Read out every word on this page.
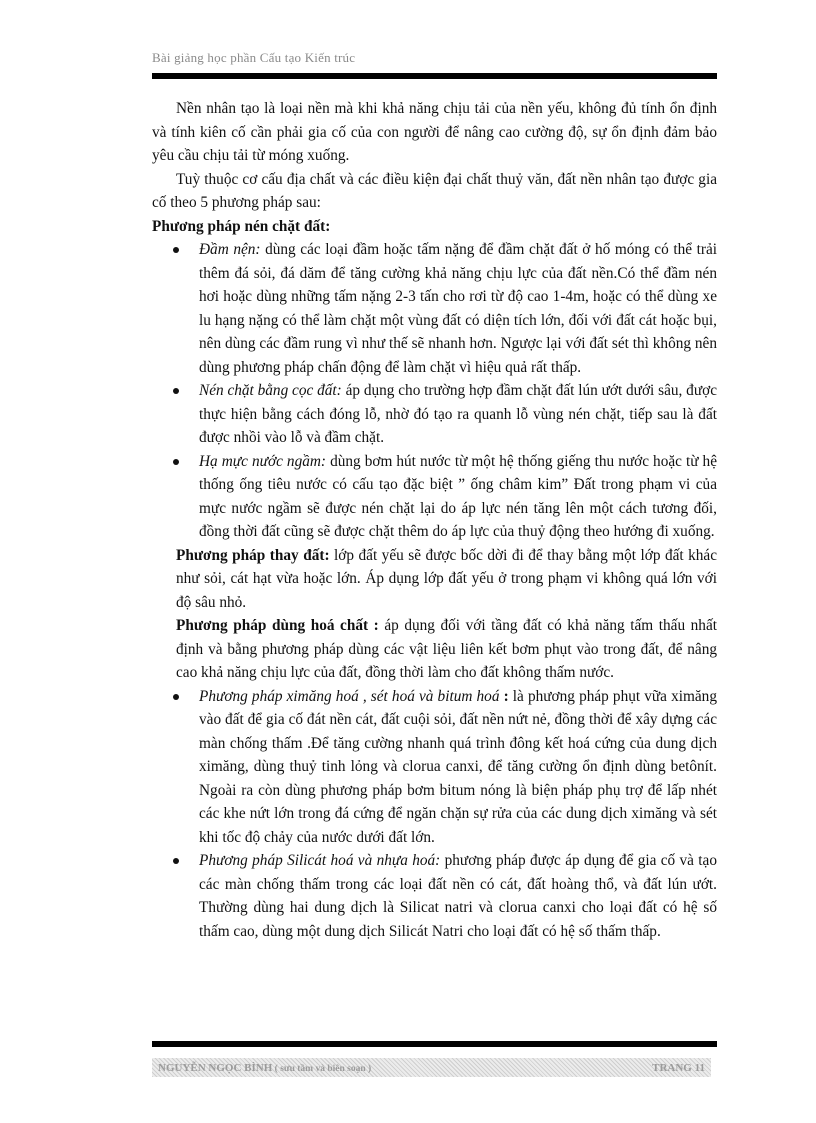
Bài giảng học phần Cấu tạo Kiến trúc

Nền nhân tạo là loại nền mà khi khả năng chịu tải của nền yếu, không đủ tính ổn định và tính kiên cố cần phải gia cố của con người để nâng cao cường độ, sự ổn định đảm bảo yêu cầu chịu tải từ móng xuống.

Tuỳ thuộc cơ cấu địa chất và các điều kiện đại chất thuỷ văn, đất nền nhân tạo được gia cố theo 5 phương pháp sau:

Phương pháp nén chặt đất:

Đầm nện: dùng các loại đầm hoặc tấm nặng để đầm chặt đất ở hố móng có thể trải thêm đá sỏi, đá dăm để tăng cường khả năng chịu lực của đất nền.Có thể đầm nén hơi hoặc dùng những tấm nặng 2-3 tấn cho rơi từ độ cao 1-4m, hoặc có thể dùng xe lu hạng nặng có thể làm chặt một vùng đất có diện tích lớn, đối với đất cát hoặc bụi, nên dùng các đầm rung vì như thế sẽ nhanh hơn. Ngược lại với đất sét thì không nên dùng phương pháp chấn động để làm chặt vì hiệu quả rất thấp.
Nén chặt bằng cọc đất: áp dụng cho trường hợp đầm chặt đất lún ướt dưới sâu, được thực hiện bằng cách đóng lỗ, nhờ đó tạo ra quanh lỗ vùng nén chặt, tiếp sau là đất được nhồi vào lỗ và đầm chặt.
Hạ mực nước ngầm: dùng bơm hút nước từ một hệ thống giếng thu nước hoặc từ hệ thống ống tiêu nước có cấu tạo đặc biệt ” ống châm kim” Đất trong phạm vi của mực nước ngầm sẽ được nén chặt lại do áp lực nén tăng lên một cách tương đối, đồng thời đất cũng sẽ được chặt thêm do áp lực của thuỷ động theo hướng đi xuống.

Phương pháp thay đất: lớp đất yếu sẽ được bốc dời đi để thay bằng một lớp đất khác như sỏi, cát hạt vừa hoặc lớn. Áp dụng lớp đất yếu ở trong phạm vi không quá lớn với độ sâu nhỏ.

Phương pháp dùng hoá chất : áp dụng đối với tầng đất có khả năng tấm thấu nhất định và bằng phương pháp dùng các vật liệu liên kết bơm phụt vào trong đất, để nâng cao khả năng chịu lực của đất, đồng thời làm cho đất không thấm nước.

Phương pháp ximăng hoá , sét hoá và bitum hoá : là phương pháp phụt vữa ximăng vào đất để gia cố đát nền cát, đất cuội sỏi, đất nền nứt nẻ, đồng thời để xây dựng các màn chống thấm .Để tăng cường nhanh quá trình đông kết hoá cứng của dung dịch ximăng, dùng thuỷ tinh lỏng và clorua canxi, để tăng cường ổn định dùng betônít. Ngoài ra còn dùng phương pháp bơm bitum nóng là biện pháp phụ trợ để lấp nhét các khe nứt lớn trong đá cứng để ngăn chặn sự rửa của các dung dịch ximăng và sét khi tốc độ chảy của nước dưới đất lớn.
Phương pháp Silicát hoá và nhựa hoá: phương pháp được áp dụng để gia cố và tạo các màn chống thấm trong các loại đất nền có cát, đất hoàng thổ, và đất lún ướt. Thường dùng hai dung dịch là Silicat natri và clorua canxi cho loại đất có hệ số thấm cao, dùng một dung dịch Silicát Natri cho loại đất có hệ số thấm thấp.
NGUYỄN NGỌC BÌNH ( sưu tầm và biên soạn )	TRANG 11
